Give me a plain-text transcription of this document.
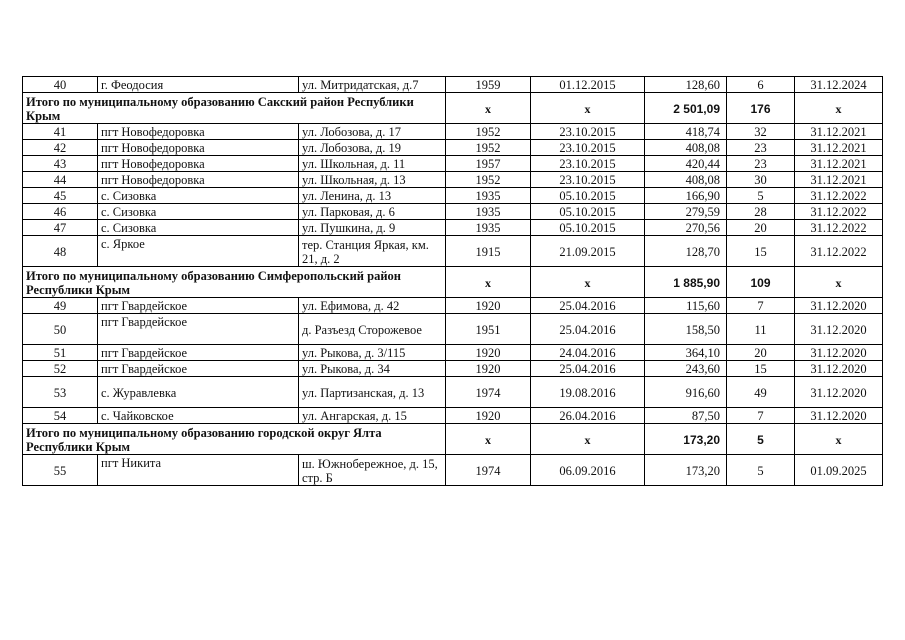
40	г. Феодосия	ул. Митридатская, д.7	1959	01.12.2015	128,60	6	31.12.2024
Итого по муниципальному образованию Сакский район Республики Крым			x	x	2 501,09	176	x
41	пгт Новофедоровка	ул. Лобозова, д. 17	1952	23.10.2015	418,74	32	31.12.2021
42	пгт Новофедоровка	ул. Лобозова, д. 19	1952	23.10.2015	408,08	23	31.12.2021
43	пгт Новофедоровка	ул. Школьная, д. 11	1957	23.10.2015	420,44	23	31.12.2021
44	пгт Новофедоровка	ул. Школьная, д. 13	1952	23.10.2015	408,08	30	31.12.2021
45	с. Сизовка	ул. Ленина, д. 13	1935	05.10.2015	166,90	5	31.12.2022
46	с. Сизовка	ул. Парковая, д. 6	1935	05.10.2015	279,59	28	31.12.2022
47	с. Сизовка	ул. Пушкина, д. 9	1935	05.10.2015	270,56	20	31.12.2022
48	с. Яркое	тер. Станция Яркая, км. 21, д. 2	1915	21.09.2015	128,70	15	31.12.2022
Итого по муниципальному образованию Симферопольский район Республики Крым			x	x	1 885,90	109	x
49	пгт Гвардейское	ул. Ефимова, д. 42	1920	25.04.2016	115,60	7	31.12.2020
50	пгт Гвардейское	д. Разъезд Сторожевое	1951	25.04.2016	158,50	11	31.12.2020
51	пгт Гвардейское	ул. Рыкова, д. 3/115	1920	24.04.2016	364,10	20	31.12.2020
52	пгт Гвардейское	ул. Рыкова, д. 34	1920	25.04.2016	243,60	15	31.12.2020
53	с. Журавлевка	ул. Партизанская, д. 13	1974	19.08.2016	916,60	49	31.12.2020
54	с. Чайковское	ул. Ангарская, д. 15	1920	26.04.2016	87,50	7	31.12.2020
Итого по муниципальному образованию городской округ Ялта Республики Крым			x	x	173,20	5	x
55	пгт Никита	ш. Южнобережное, д. 15, стр. Б	1974	06.09.2016	173,20	5	01.09.2025
